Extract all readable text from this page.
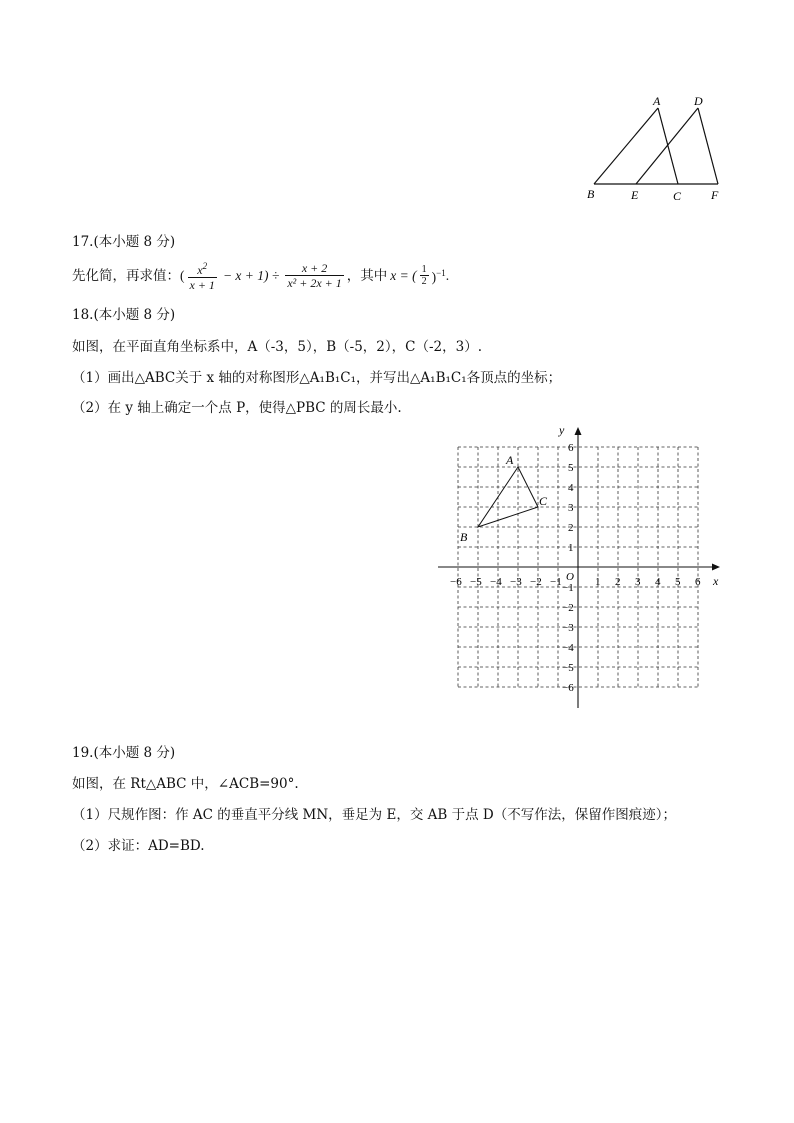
A	D
B	E	C F
17.(本小题 8 分)
先化简，再求值： ( $\frac{x^2}{x + 1} - x + 1) \div \frac{x + 2}{\text{x² + 2x + 1}}$ ，其中 x = ( $\frac{1}{2} )^{-1}$ .
18.(本小题 8 分)
如图，在平面直角坐标系中，A（-3，5），B（-5，2），C（-2，3）.
（1）画出△ABC关于 x 轴的对称图形△A₁B₁C₁，并写出△A₁B₁C₁各顶点的坐标；
（2）在 y 轴上确定一个点 P，使得△PBC 的周长最小.
x
y
O
−6 −5 −4 −3 −2 −1	1 2 3 4 5 6
6
5
4
3
2
1
−1
−2
−3
−4
−5
−6
A
B
C
19.(本小题 8 分)
如图，在 Rt△ABC 中，∠ACB=90°.
（1）尺规作图：作 AC 的垂直平分线 MN，垂足为 E，交 AB 于点 D（不写作法，保留作图痕迹）；
（2）求证：AD=BD.
